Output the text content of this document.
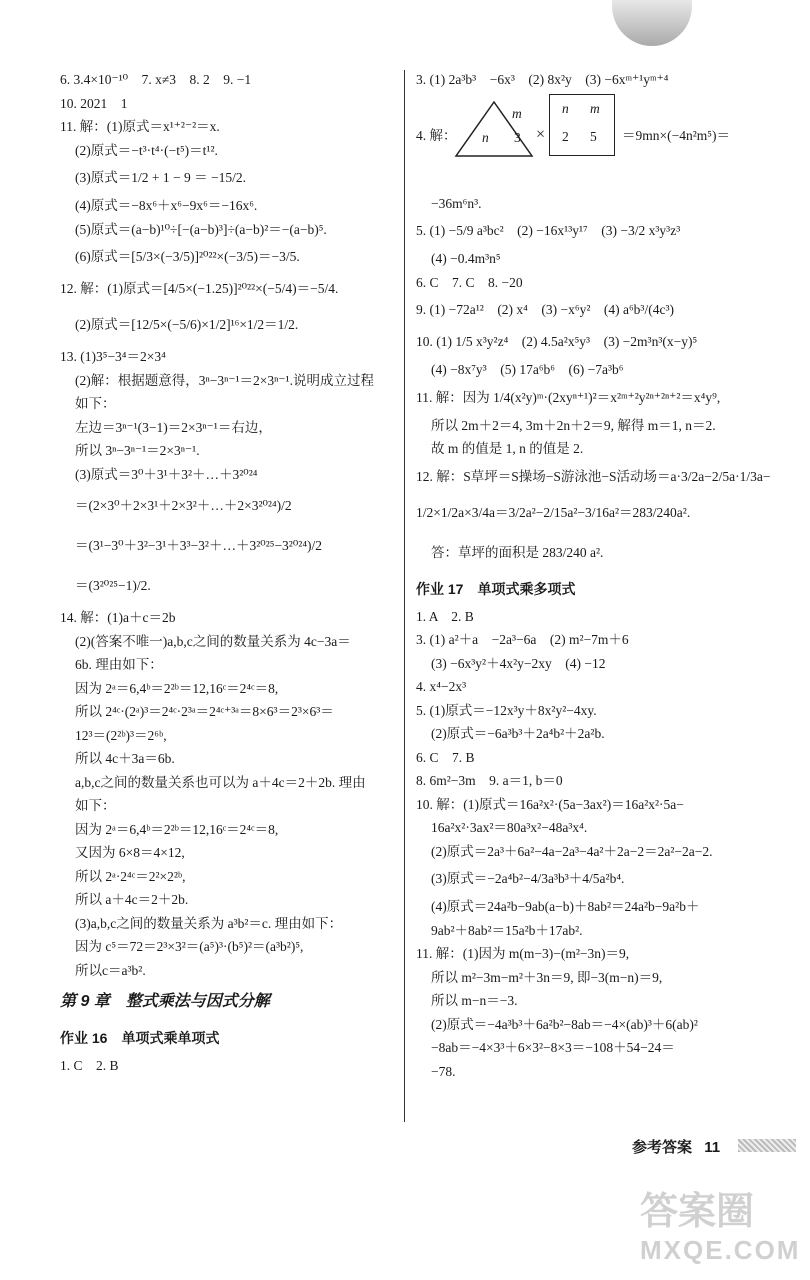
6. 3.4×10⁻¹⁰　7. x≠3　8. 2　9. −1
10. 2021　1
11. 解：(1)原式＝x¹⁺²⁻²＝x.
(2)原式＝−t³·t⁴·(−t⁵)＝t¹².
(3)原式＝1/2 + 1 − 9 ＝ −15/2.
(4)原式＝−8x⁶＋x⁶−9x⁶＝−16x⁶.
(5)原式＝(a−b)¹⁰÷[−(a−b)³]÷(a−b)²＝−(a−b)⁵.
(6)原式＝[5/3×(−3/5)]²⁰²²×(−3/5)＝−3/5.
12. 解：(1)原式＝[4/5×(−1.25)]²⁰²²×(−5/4)＝−5/4.
(2)原式＝[12/5×(−5/6)×1/2]¹⁶×1/2＝1/2.
13. (1)3⁵−3⁴＝2×3⁴
(2)解：根据题意得，3ⁿ−3ⁿ⁻¹＝2×3ⁿ⁻¹.说明成立过程
如下：
左边＝3ⁿ⁻¹(3−1)＝2×3ⁿ⁻¹＝右边，
所以 3ⁿ−3ⁿ⁻¹＝2×3ⁿ⁻¹.
(3)原式＝3⁰＋3¹＋3²＋…＋3²⁰²⁴
＝(2×3⁰＋2×3¹＋2×3²＋…＋2×3²⁰²⁴)/2
＝(3¹−3⁰＋3²−3¹＋3³−3²＋…＋3²⁰²⁵−3²⁰²⁴)/2
＝(3²⁰²⁵−1)/2.
14. 解：(1)a＋c＝2b
(2)(答案不唯一)a,b,c之间的数量关系为 4c−3a＝
6b. 理由如下：
因为 2ᵃ＝6,4ᵇ＝2²ᵇ＝12,16ᶜ＝2⁴ᶜ＝8,
所以 2⁴ᶜ·(2ᵃ)³＝2⁴ᶜ·2³ᵃ＝2⁴ᶜ⁺³ᵃ＝8×6³＝2³×6³＝
12³＝(2²ᵇ)³＝2⁶ᵇ,
所以 4c＋3a＝6b.
a,b,c之间的数量关系也可以为 a＋4c＝2＋2b. 理由
如下：
因为 2ᵃ＝6,4ᵇ＝2²ᵇ＝12,16ᶜ＝2⁴ᶜ＝8,
又因为 6×8＝4×12,
所以 2ᵃ·2⁴ᶜ＝2²×2²ᵇ,
所以 a＋4c＝2＋2b.
(3)a,b,c之间的数量关系为 a³b²＝c. 理由如下：
因为 c⁵＝72＝2³×3²＝(a⁵)³·(b⁵)²＝(a³b²)⁵,
所以c＝a³b².
第 9 章　整式乘法与因式分解
作业 16　单项式乘单项式
1. C　2. B
3. (1) 2a³b³　−6x³　(2) 8x²y　(3) −6xᵐ⁺¹yᵐ⁺⁴
4. 解：
m
n 3 ×
n m
2 5 ＝9mn×(−4n²m⁵)＝
−36m⁶n³.
5. (1) −5/9 a³bc²　(2) −16x¹³y¹⁷　(3) −3/2 x³y³z³
(4) −0.4m³n⁵
6. C　7. C　8. −20
9. (1) −72a¹²　(2) x⁴　(3) −x⁶y²　(4) a⁶b³/(4c³)
10. (1) 1/5 x³y²z⁴　(2) 4.5a²x⁵y³　(3) −2m³n³(x−y)⁵
(4) −8x⁷y³　(5) 17a⁶b⁶　(6) −7a³b⁶
11. 解：因为 1/4(x²y)ᵐ·(2xyⁿ⁺¹)²＝x²ᵐ⁺²y²ⁿ⁺²ⁿ⁺²＝x⁴y⁹,
所以 2m＋2＝4, 3m＋2n＋2＝9, 解得 m＝1, n＝2.
故 m 的值是 1, n 的值是 2.
12. 解：S草坪＝S操场−S游泳池−S活动场＝a·3/2a−2/5a·1/3a−
1/2×1/2a×3/4a＝3/2a²−2/15a²−3/16a²＝283/240a².
答：草坪的面积是 283/240 a².
作业 17　单项式乘多项式
1. A　2. B
3. (1) a²＋a　−2a³−6a　(2) m²−7m＋6
(3) −6x³y²＋4x²y−2xy　(4) −12
4. x⁴−2x³
5. (1)原式＝−12x³y＋8x²y²−4xy.
(2)原式＝−6a³b³＋2a⁴b²＋2a²b.
6. C　7. B
8. 6m²−3m　9. a＝1, b＝0
10. 解：(1)原式＝16a²x²·(5a−3ax²)＝16a²x²·5a−
16a²x²·3ax²＝80a³x²−48a³x⁴.
(2)原式＝2a³＋6a²−4a−2a³−4a²＋2a−2＝2a²−2a−2.
(3)原式＝−2a⁴b²−4/3a³b³＋4/5a²b⁴.
(4)原式＝24a²b−9ab(a−b)＋8ab²＝24a²b−9a²b＋
9ab²＋8ab²＝15a²b＋17ab².
11. 解：(1)因为 m(m−3)−(m²−3n)＝9,
所以 m²−3m−m²＋3n＝9, 即−3(m−n)＝9,
所以 m−n＝−3.
(2)原式＝−4a³b³＋6a²b²−8ab＝−4×(ab)³＋6(ab)²
−8ab＝−4×3³＋6×3²−8×3＝−108＋54−24＝
−78.
参考答案 11
答案圈
MXQE.COM
